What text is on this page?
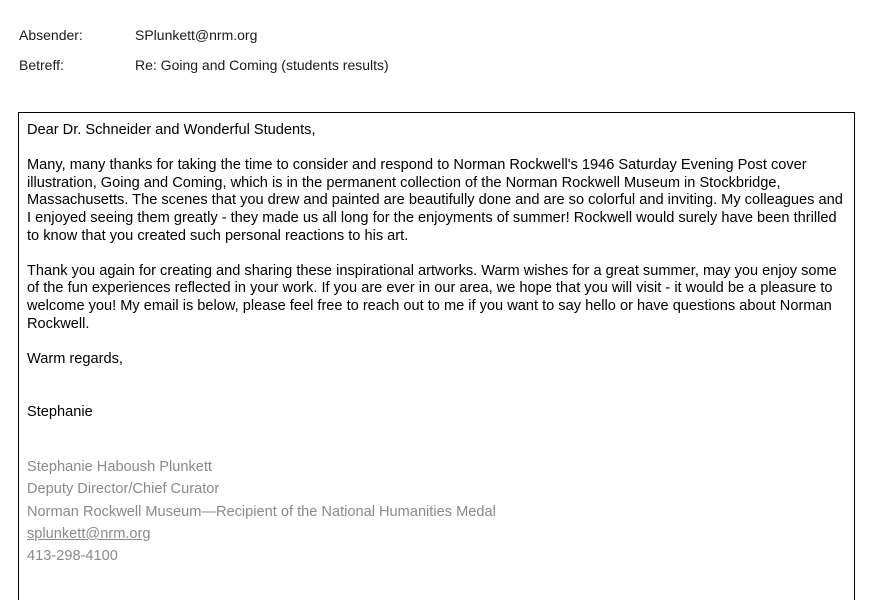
Absender:	SPlunkett@nrm.org
Betreff:	Re: Going and Coming (students results)
Dear Dr. Schneider and Wonderful Students,
Many, many thanks for taking the time to consider and respond to Norman Rockwell's 1946 Saturday Evening Post cover illustration, Going and Coming, which is in the permanent collection of the Norman Rockwell Museum in Stockbridge, Massachusetts. The scenes that you drew and painted are beautifully done and are so colorful and inviting. My colleagues and I enjoyed seeing them greatly - they made us all long for the enjoyments of summer! Rockwell would surely have been thrilled to know that you created such personal reactions to his art.
Thank you again for creating and sharing these inspirational artworks. Warm wishes for a great summer, may you enjoy some of the fun experiences reflected in your work. If you are ever in our area, we hope that you will visit - it would be a pleasure to welcome you! My email is below, please feel free to reach out to me if you want to say hello or have questions about Norman Rockwell.
Warm regards,
Stephanie
Stephanie Haboush Plunkett
Deputy Director/Chief Curator
Norman Rockwell Museum—Recipient of the National Humanities Medal
splunkett@nrm.org
413-298-4100
